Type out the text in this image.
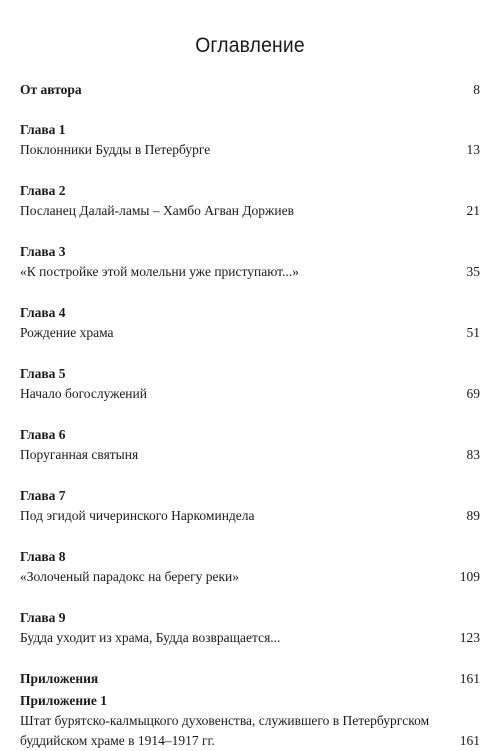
Оглавление
От автора	8
Глава 1
Поклонники Будды в Петербурге	13
Глава 2
Посланец Далай-ламы – Хамбо Агван Доржиев	21
Глава 3
«К постройке этой молельни уже приступают...»	35
Глава 4
Рождение храма	51
Глава 5
Начало богослужений	69
Глава 6
Поруганная святыня	83
Глава 7
Под эгидой чичеринского Наркоминдела	89
Глава 8
«Золоченый парадокс на берегу реки»	109
Глава 9
Будда уходит из храма, Будда возвращается...	123
Приложения	161
Приложение 1
Штат бурятско-калмыцкого духовенства, служившего в Петербургском
буддийском храме в 1914–1917 гг.	161
